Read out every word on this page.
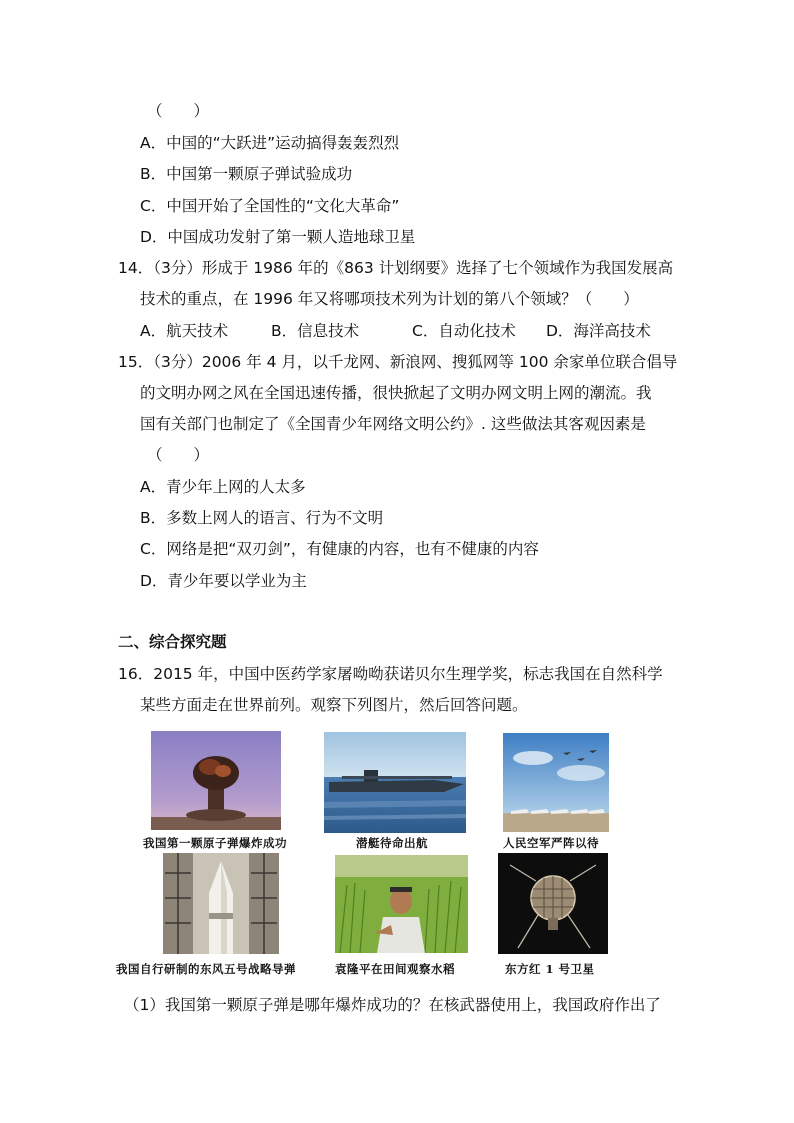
（　　）
A．中国的“大跃进”运动搞得轰轰烈烈
B．中国第一颗原子弹试验成功
C．中国开始了全国性的“文化大革命”
D．中国成功发射了第一颗人造地球卫星
14．（3分）形成于 1986 年的《863 计划纲要》选择了七个领域作为我国发展高
技术的重点，在 1996 年又将哪项技术列为计划的第八个领域？（　　）
A．航天技术	B．信息技术	C．自动化技术 D．海洋高技术
15．（3分）2006 年 4 月，以千龙网、新浪网、搜狐网等 100 余家单位联合倡导
的文明办网之风在全国迅速传播，很快掀起了文明办网文明上网的潮流。我
国有关部门也制定了《全国青少年网络文明公约》. 这些做法其客观因素是
（　　）
A．青少年上网的人太多
B．多数上网人的语言、行为不文明
C．网络是把“双刃剑”，有健康的内容，也有不健康的内容
D．青少年要以学业为主
二、综合探究题
16．2015 年，中国中医药学家屠呦呦获诺贝尔生理学奖，标志我国在自然科学
某些方面走在世界前列。观察下列图片，然后回答问题。
我国第一颗原子弹爆炸成功	潜艇待命出航	人民空军严阵以待
我国自行研制的东风五号战略导弹	袁隆平在田间观察水稻	东方红 1 号卫星
（1）我国第一颗原子弹是哪年爆炸成功的？在核武器使用上，我国政府作出了
